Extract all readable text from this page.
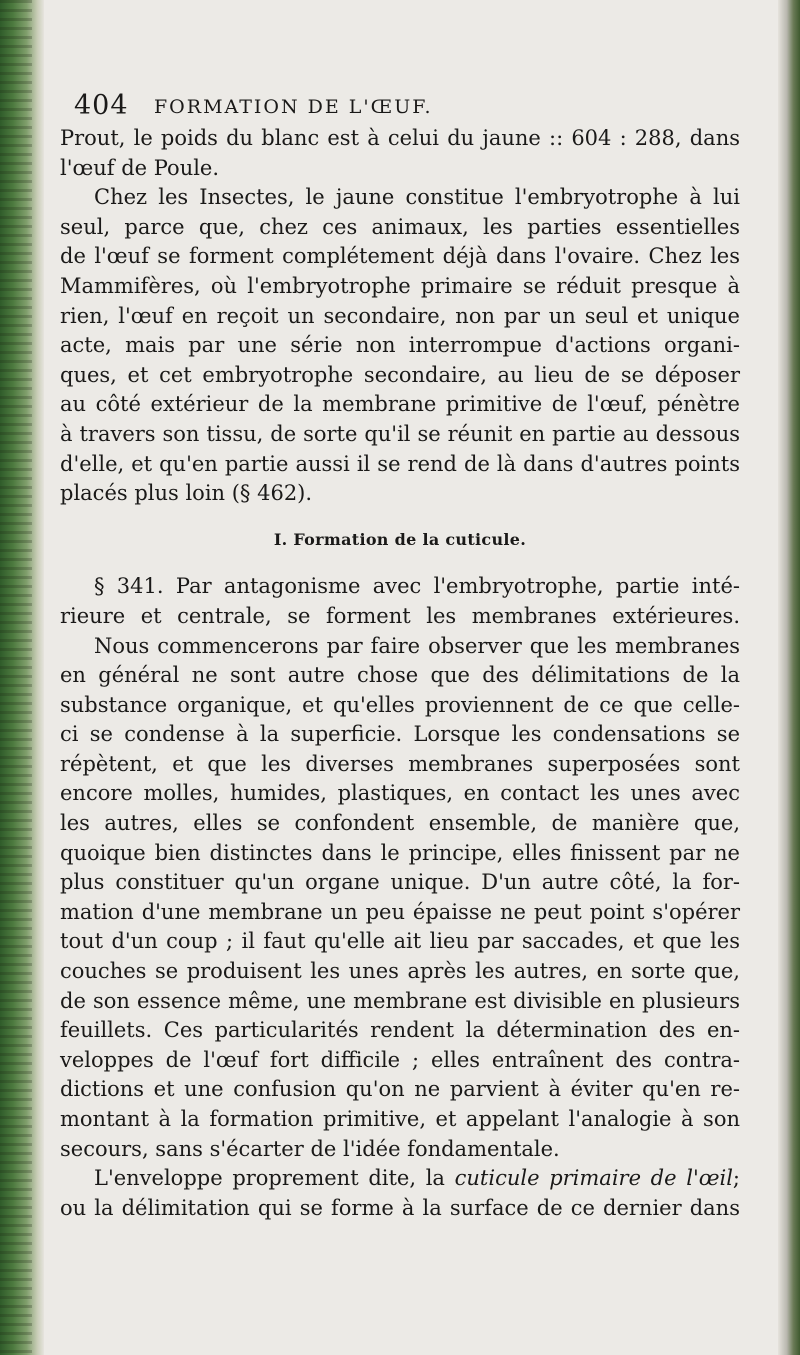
404 FORMATION DE L'ŒUF.
Prout, le poids du blanc est à celui du jaune :: 604 : 288, dans
l'œuf de Poule.
Chez les Insectes, le jaune constitue l'embryotrophe à lui
seul, parce que, chez ces animaux, les parties essentielles
de l'œuf se forment complétement déjà dans l'ovaire. Chez les
Mammifères, où l'embryotrophe primaire se réduit presque à
rien, l'œuf en reçoit un secondaire, non par un seul et unique
acte, mais par une série non interrompue d'actions organi-
ques, et cet embryotrophe secondaire, au lieu de se déposer
au côté extérieur de la membrane primitive de l'œuf, pénètre
à travers son tissu, de sorte qu'il se réunit en partie au dessous
d'elle, et qu'en partie aussi il se rend de là dans d'autres points
placés plus loin (§ 462).
I. Formation de la cuticule.
§ 341. Par antagonisme avec l'embryotrophe, partie inté-
rieure et centrale, se forment les membranes extérieures.
Nous commencerons par faire observer que les membranes
en général ne sont autre chose que des délimitations de la
substance organique, et qu'elles proviennent de ce que celle-
ci se condense à la superficie. Lorsque les condensations se
répètent, et que les diverses membranes superposées sont
encore molles, humides, plastiques, en contact les unes avec
les autres, elles se confondent ensemble, de manière que,
quoique bien distinctes dans le principe, elles finissent par ne
plus constituer qu'un organe unique. D'un autre côté, la for-
mation d'une membrane un peu épaisse ne peut point s'opérer
tout d'un coup ; il faut qu'elle ait lieu par saccades, et que les
couches se produisent les unes après les autres, en sorte que,
de son essence même, une membrane est divisible en plusieurs
feuillets. Ces particularités rendent la détermination des en-
veloppes de l'œuf fort difficile ; elles entraînent des contra-
dictions et une confusion qu'on ne parvient à éviter qu'en re-
montant à la formation primitive, et appelant l'analogie à son
secours, sans s'écarter de l'idée fondamentale.
L'enveloppe proprement dite, la cuticule primaire de l'œil;
ou la délimitation qui se forme à la surface de ce dernier dans
